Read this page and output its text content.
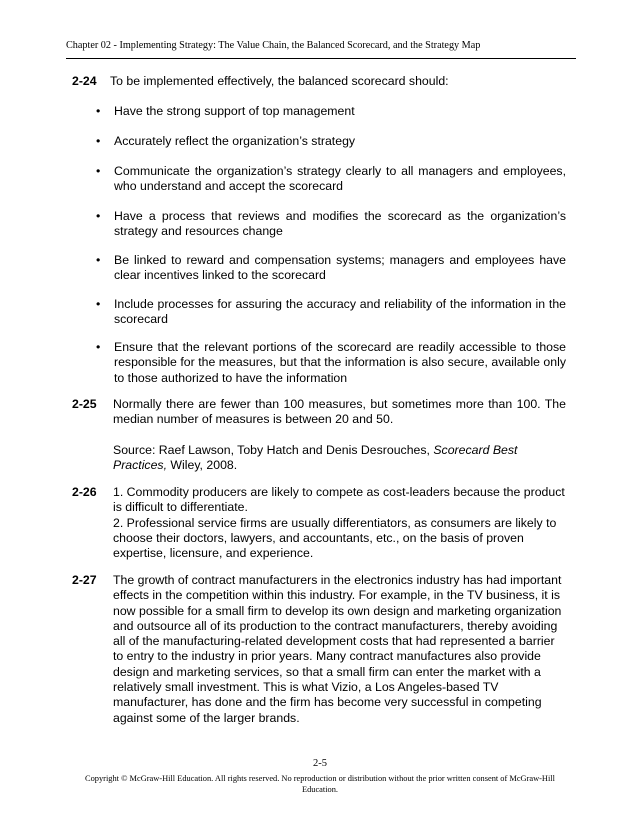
Chapter 02 - Implementing Strategy: The Value Chain, the Balanced Scorecard, and the Strategy Map
2-24 To be implemented effectively, the balanced scorecard should:
• Have the strong support of top management
• Accurately reflect the organization’s strategy
• Communicate the organization’s strategy clearly to all managers and employees, who understand and accept the scorecard
• Have a process that reviews and modifies the scorecard as the organization’s strategy and resources change
• Be linked to reward and compensation systems; managers and employees have clear incentives linked to the scorecard
• Include processes for assuring the accuracy and reliability of the information in the scorecard
• Ensure that the relevant portions of the scorecard are readily accessible to those responsible for the measures, but that the information is also secure, available only to those authorized to have the information
2-25 Normally there are fewer than 100 measures, but sometimes more than 100. The median number of measures is between 20 and 50.

Source: Raef Lawson, Toby Hatch and Denis Desrouches, Scorecard Best Practices, Wiley, 2008.

2-26 1. Commodity producers are likely to compete as cost-leaders because the product is difficult to differentiate.

2. Professional service firms are usually differentiators, as consumers are likely to choose their doctors, lawyers, and accountants, etc., on the basis of proven expertise, licensure, and experience.

2-27 The growth of contract manufacturers in the electronics industry has had important effects in the competition within this industry. For example, in the TV business, it is now possible for a small firm to develop its own design and marketing organization and outsource all of its production to the contract manufacturers, thereby avoiding all of the manufacturing-related development costs that had represented a barrier to entry to the industry in prior years. Many contract manufactures also provide design and marketing services, so that a small firm can enter the market with a relatively small investment. This is what Vizio, a Los Angeles-based TV manufacturer, has done and the firm has become very successful in competing against some of the larger brands.

2-5
Copyright © McGraw-Hill Education. All rights reserved. No reproduction or distribution without the prior written consent of McGraw-Hill Education.
